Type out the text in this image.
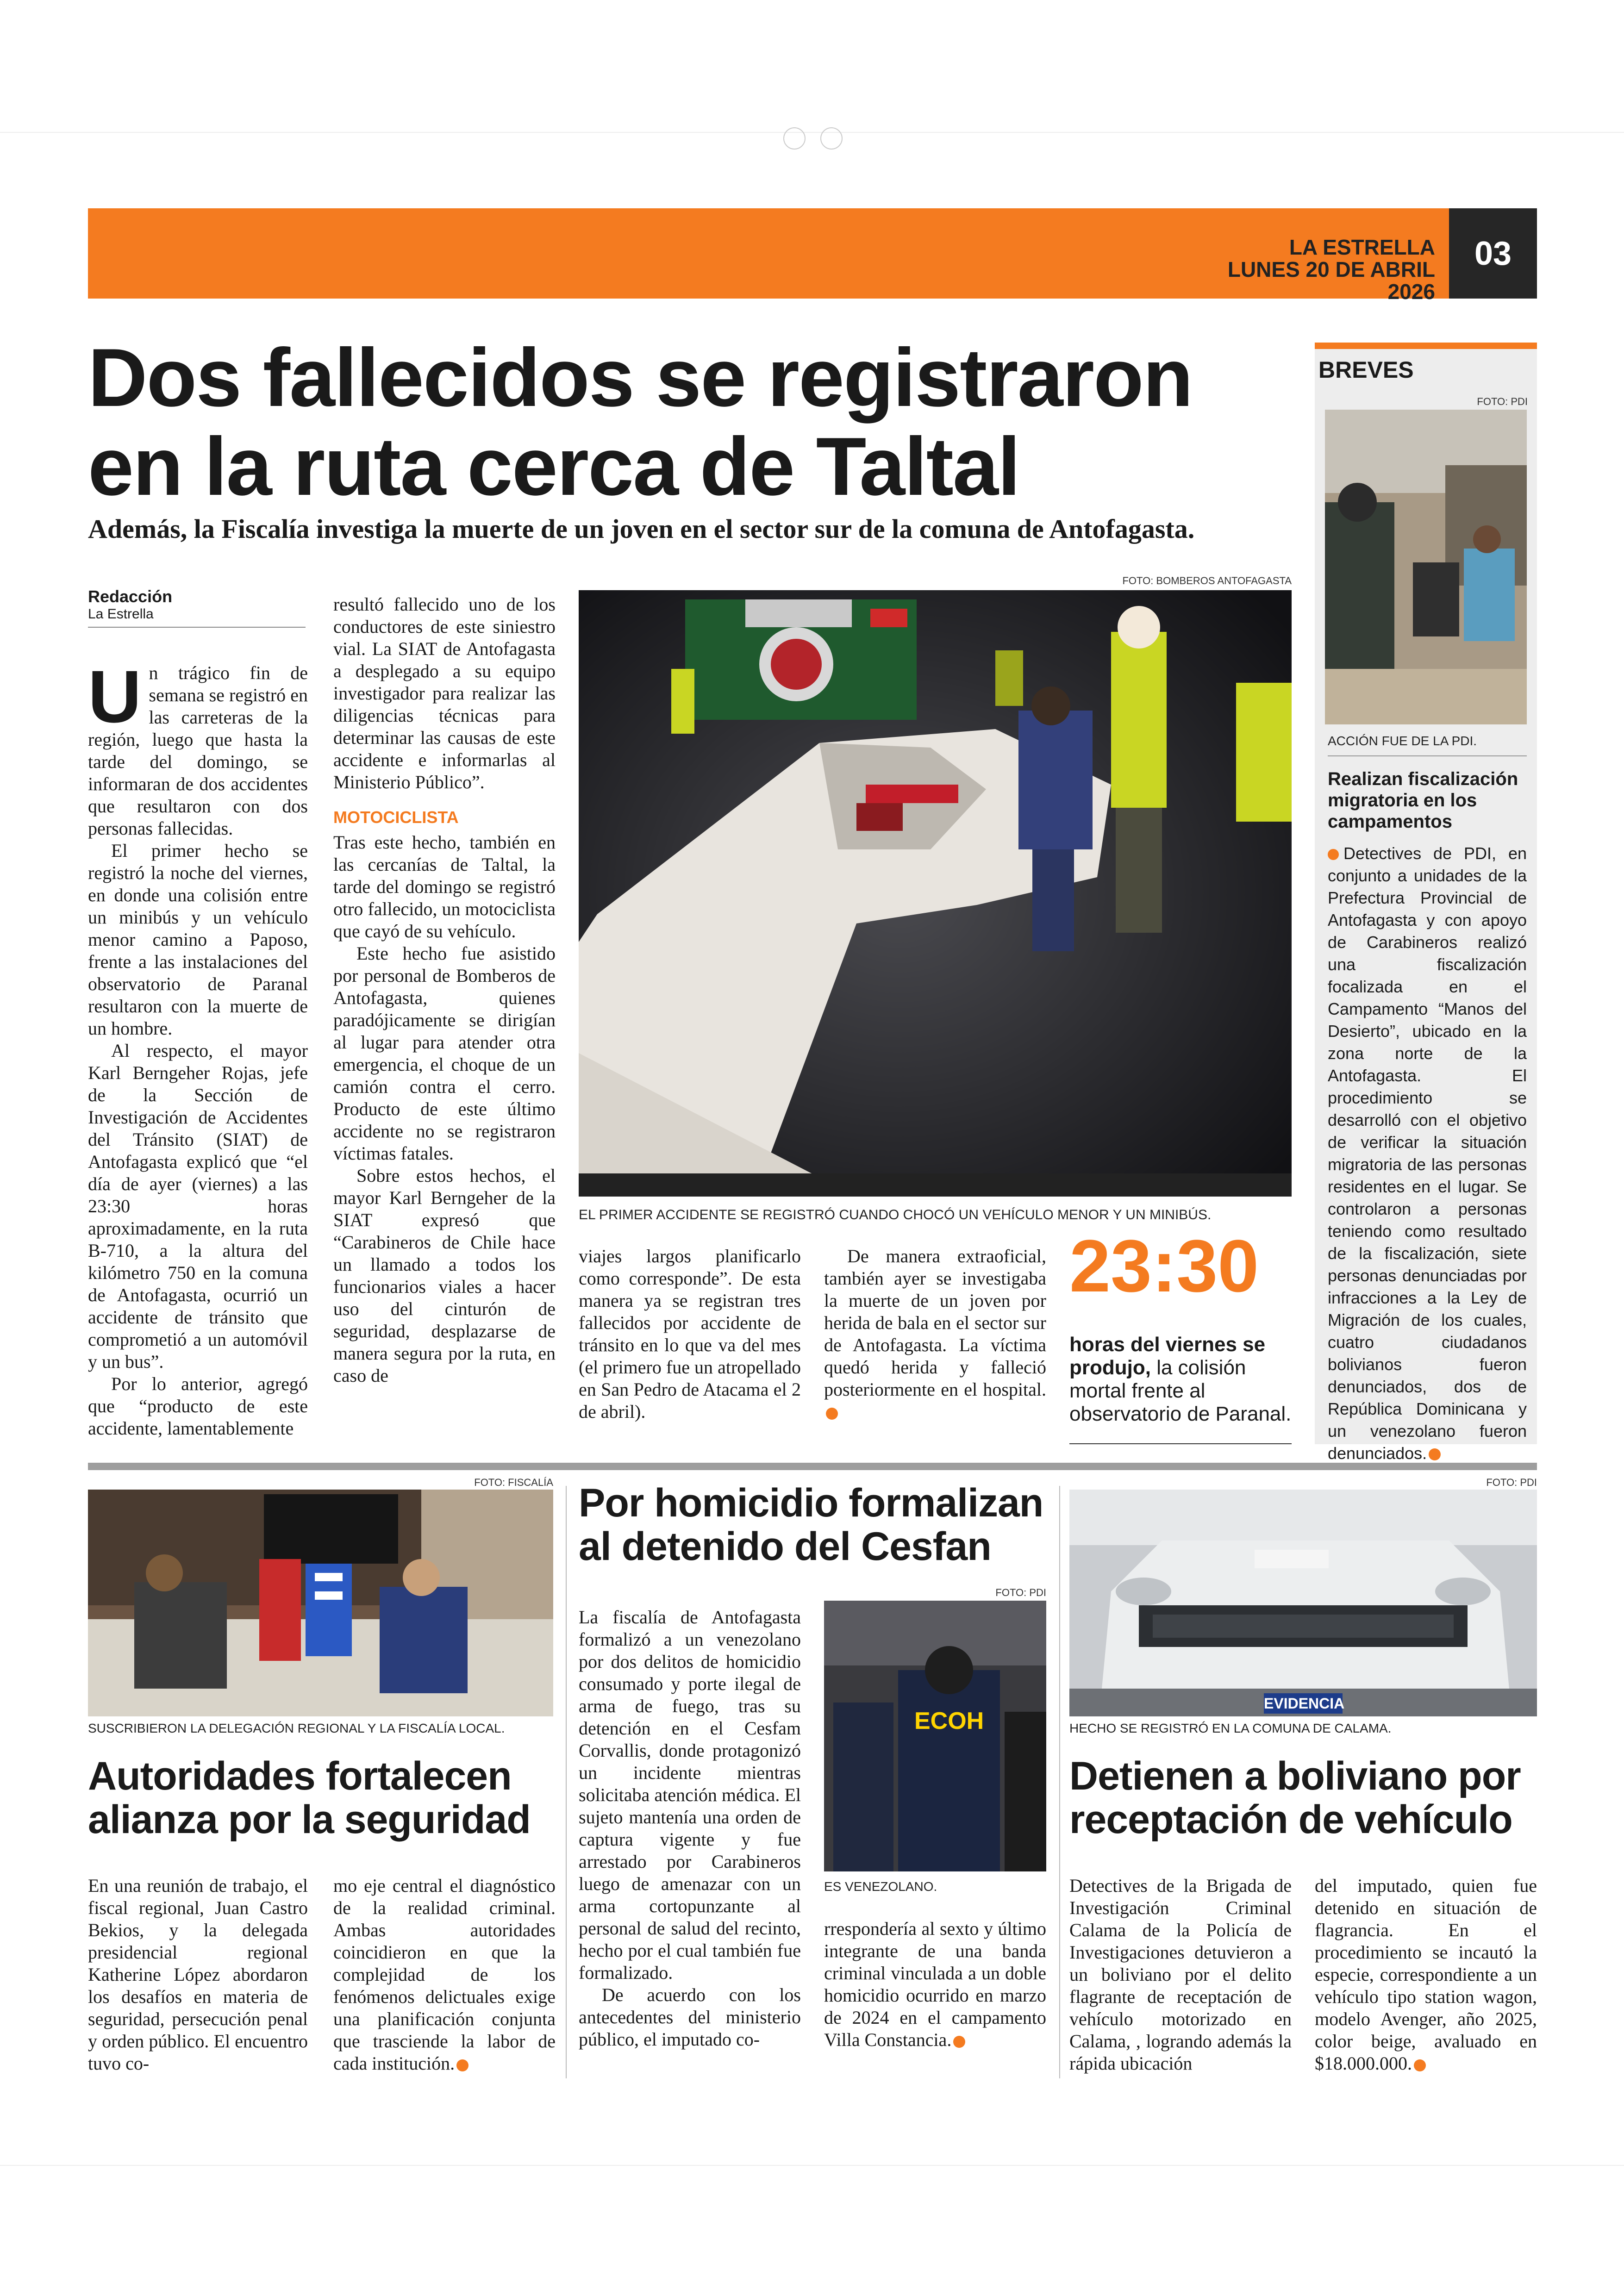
LA ESTRELLA
LUNES 20 DE ABRIL 2026
03
Dos fallecidos se registraron en la ruta cerca de Taltal
Además, la Fiscalía investiga la muerte de un joven en el sector sur de la comuna de Antofagasta.
Redacción
La Estrella

Un trágico fin de semana se registró en las carreteras de la región, luego que hasta la tarde del domingo, se informaran de dos accidentes que resultaron con dos personas fallecidas.

El primer hecho se registró la noche del viernes, en donde una colisión entre un minibús y un vehículo menor camino a Paposo, frente a las instalaciones del observatorio de Paranal resultaron con la muerte de un hombre.

Al respecto, el mayor Karl Berngeher Rojas, jefe de la Sección de Investigación de Accidentes del Tránsito (SIAT) de Antofagasta explicó que “el día de ayer (viernes) a las 23:30 horas aproximadamente, en la ruta B-710, a la altura del kilómetro 750 en la comuna de Antofagasta, ocurrió un accidente de tránsito que comprometió a un automóvil y un bus”.

Por lo anterior, agregó que “producto de este accidente, lamentablemente

resultó fallecido uno de los conductores de este siniestro vial. La SIAT de Antofagasta a desplegado a su equipo investigador para realizar las diligencias técnicas para determinar las causas de este accidente e informarlas al Ministerio Público”.

MOTOCICLISTA

Tras este hecho, también en las cercanías de Taltal, la tarde del domingo se registró otro fallecido, un motociclista que cayó de su vehículo.

Este hecho fue asistido por personal de Bomberos de Antofagasta, quienes paradójicamente se dirigían al lugar para atender otra emergencia, el choque de un camión contra el cerro. Producto de este último accidente no se registraron víctimas fatales.

Sobre estos hechos, el mayor Karl Berngeher de la SIAT expresó que “Carabineros de Chile hace un llamado a todos los funcionarios viales a hacer uso del cinturón de seguridad, desplazarse de manera segura por la ruta, en caso de

FOTO: BOMBEROS ANTOFAGASTA
EL PRIMER ACCIDENTE SE REGISTRÓ CUANDO CHOCÓ UN VEHÍCULO MENOR Y UN MINIBÚS.

viajes largos planificarlo como corresponde”. De esta manera ya se registran tres fallecidos por accidente de tránsito en lo que va del mes (el primero fue un atropellado en San Pedro de Atacama el 2 de abril).

De manera extraoficial, también ayer se investigaba la muerte de un joven por herida de bala en el sector sur de Antofagasta. La víctima quedó herida y falleció posteriormente en el hospital.

23:30
horas del viernes se produjo, la colisión mortal frente al observatorio de Paranal.
BREVES
FOTO: PDI
ACCIÓN FUE DE LA PDI.
Realizan fiscalización migratoria en los campamentos
Detectives de PDI, en conjunto a unidades de la Prefectura Provincial de Antofagasta y con apoyo de Carabineros realizó una fiscalización focalizada en el Campamento “Manos del Desierto”, ubicado en la zona norte de la Antofagasta. El procedimiento se desarrolló con el objetivo de verificar la situación migratoria de las personas residentes en el lugar. Se controlaron a personas teniendo como resultado de la fiscalización, siete personas denunciadas por infracciones a la Ley de Migración de los cuales, cuatro ciudadanos bolivianos fueron denunciados, dos de República Dominicana y un venezolano fueron denunciados.
FOTO: FISCALÍA
SUSCRIBIERON LA DELEGACIÓN REGIONAL Y LA FISCALÍA LOCAL.
Autoridades fortalecen alianza por la seguridad

En una reunión de trabajo, el fiscal regional, Juan Castro Bekios, y la delegada presidencial regional Katherine López abordaron los desafíos en materia de seguridad, persecución penal y orden público. El encuentro tuvo co-

mo eje central el diagnóstico de la realidad criminal. Ambas autoridades coincidieron en que la complejidad de los fenómenos delictuales exige una planificación conjunta que trasciende la labor de cada institución.

Por homicidio formalizan al detenido del Cesfan

La fiscalía de Antofagasta formalizó a un venezolano por dos delitos de homicidio consumado y porte ilegal de arma de fuego, tras su detención en el Cesfam Corvallis, donde protagonizó un incidente mientras solicitaba atención médica. El sujeto mantenía una orden de captura vigente y fue arrestado por Carabineros luego de amenazar con un arma cortopunzante al personal de salud del recinto, hecho por el cual también fue formalizado.

De acuerdo con los antecedentes del ministerio público, el imputado co-

FOTO: PDI
ECOH
ES VENEZOLANO.

rrespondería al sexto y último integrante de una banda criminal vinculada a un doble homicidio ocurrido en marzo de 2024 en el campamento Villa Constancia.

FOTO: PDI
EVIDENCIA
HECHO SE REGISTRÓ EN LA COMUNA DE CALAMA.
Detienen a boliviano por receptación de vehículo

Detectives de la Brigada de Investigación Criminal Calama de la Policía de Investigaciones detuvieron a un boliviano por el delito flagrante de receptación de vehículo motorizado en Calama, , logrando además la rápida ubicación

del imputado, quien fue detenido en situación de flagrancia. En el procedimiento se incautó la especie, correspondiente a un vehículo tipo station wagon, modelo Avenger, año 2025, color beige, avaluado en $18.000.000.
